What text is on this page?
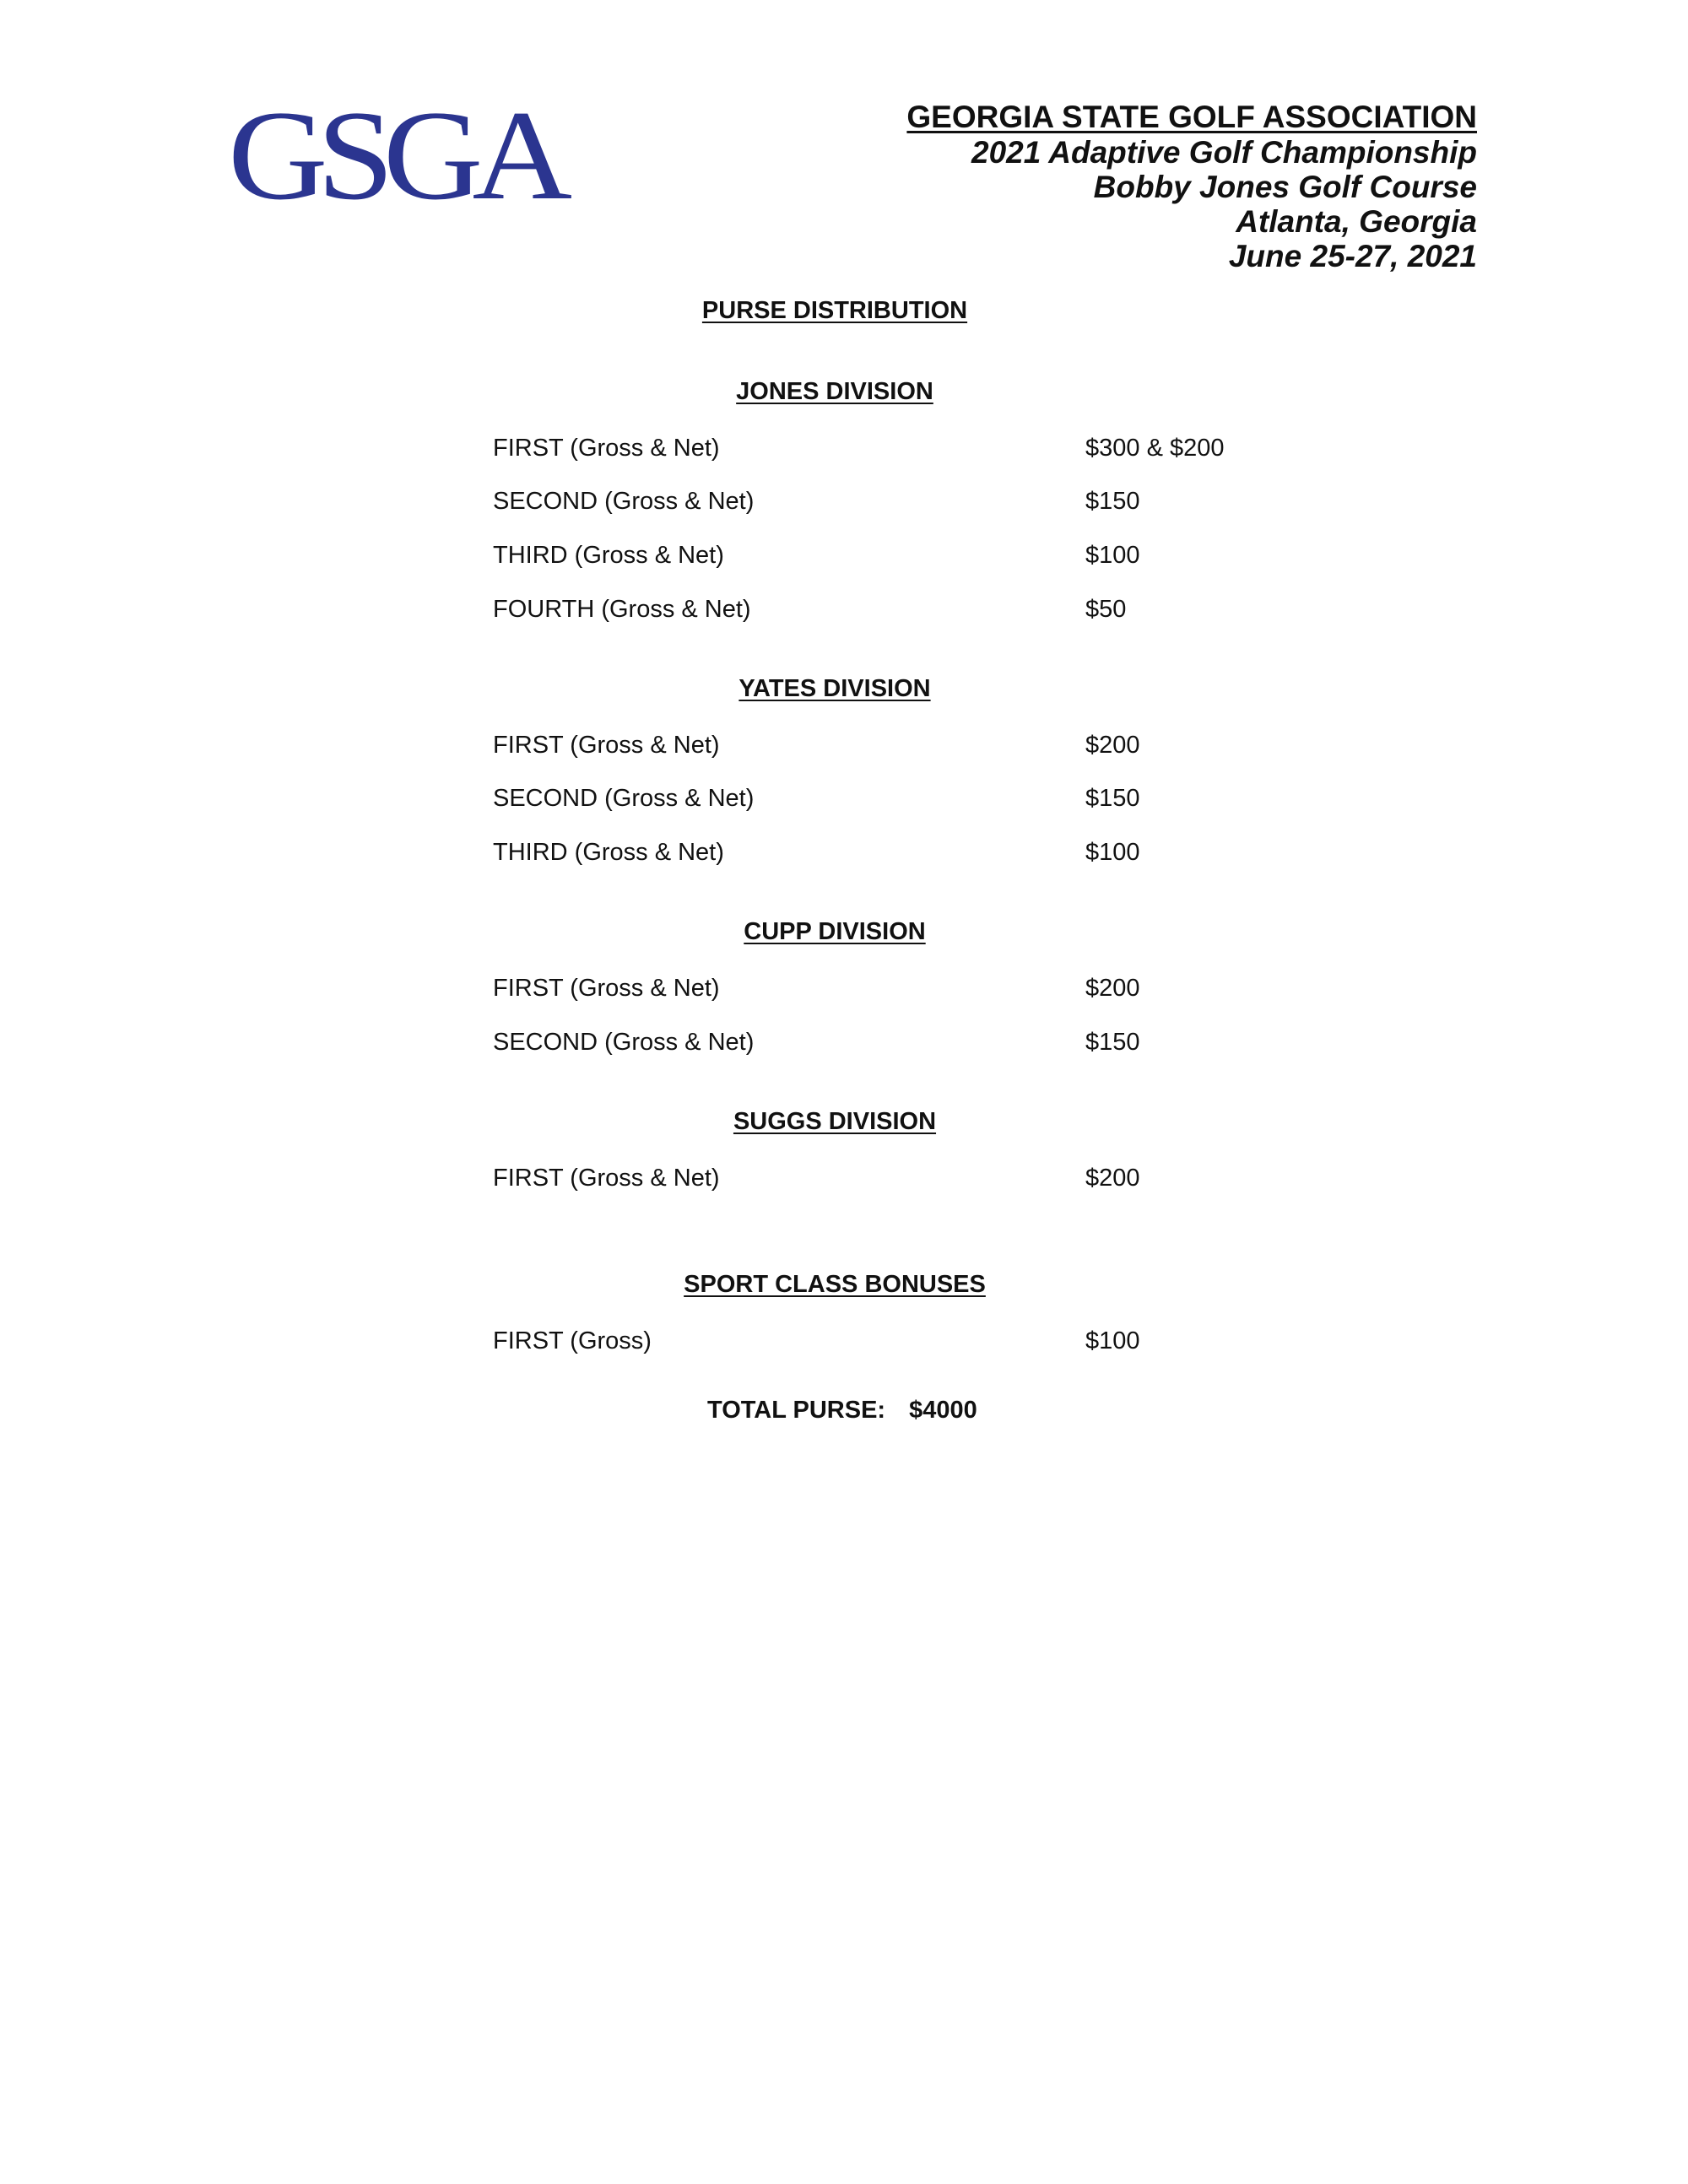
GSGA	GEORGIA STATE GOLF ASSOCIATION
2021 Adaptive Golf Championship
Bobby Jones Golf Course
Atlanta, Georgia
June 25-27, 2021
PURSE DISTRIBUTION
JONES DIVISION
FIRST (Gross & Net)	$300 & $200
SECOND (Gross & Net)	$150
THIRD (Gross & Net)	$100
FOURTH (Gross & Net)	$50
YATES DIVISION
FIRST (Gross & Net)	$200
SECOND (Gross & Net)	$150
THIRD (Gross & Net)	$100
CUPP DIVISION
FIRST (Gross & Net)	$200
SECOND (Gross & Net)	$150
SUGGS DIVISION
FIRST (Gross & Net)	$200
SPORT CLASS BONUSES
FIRST (Gross)	$100
TOTAL PURSE: $4000
